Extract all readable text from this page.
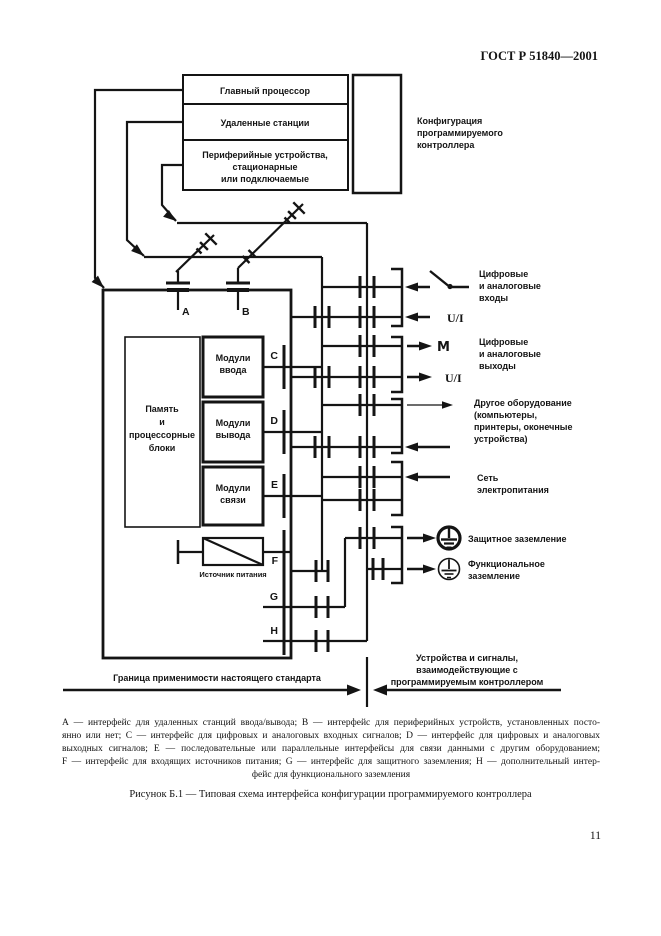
ГОСТ Р 51840—2001
Главный процессор
Удаленные станции
Периферийные устройства,
стационарные
или подключаемые
Конфигурация
программируемого
контроллера
Память
и
процессорные
блоки
Модули
ввода
Модули
вывода
Модули
связи
Источник питания
A	B
C
D
E
F
G
H
U/I
М
U/I
Цифровые
и аналоговые
входы
Цифровые
и аналоговые
выходы
Другое оборудование
(компьютеры,
принтеры, оконечные
устройства)
Сеть
электропитания
Защитное заземление
Функциональное
заземление
Граница применимости настоящего стандарта
Устройства и сигналы,
взаимодействующие с
программируемым контроллером
А — интерфейс для удаленных станций ввода/вывода; В — интерфейс для периферийных устройств, установленных посто-
янно или нет; С — интерфейс для цифровых и аналоговых входных сигналов; D — интерфейс для цифровых и аналоговых
выходных сигналов; Е — последовательные или параллельные интерфейсы для связи данными с другим оборудованием;
F — интерфейс для входящих источников питания; G — интерфейс для защитного заземления; Н — дополнительный интер-
фейс для функционального заземления
Рисунок Б.1 — Типовая схема интерфейса конфигурации программируемого контроллера
11
